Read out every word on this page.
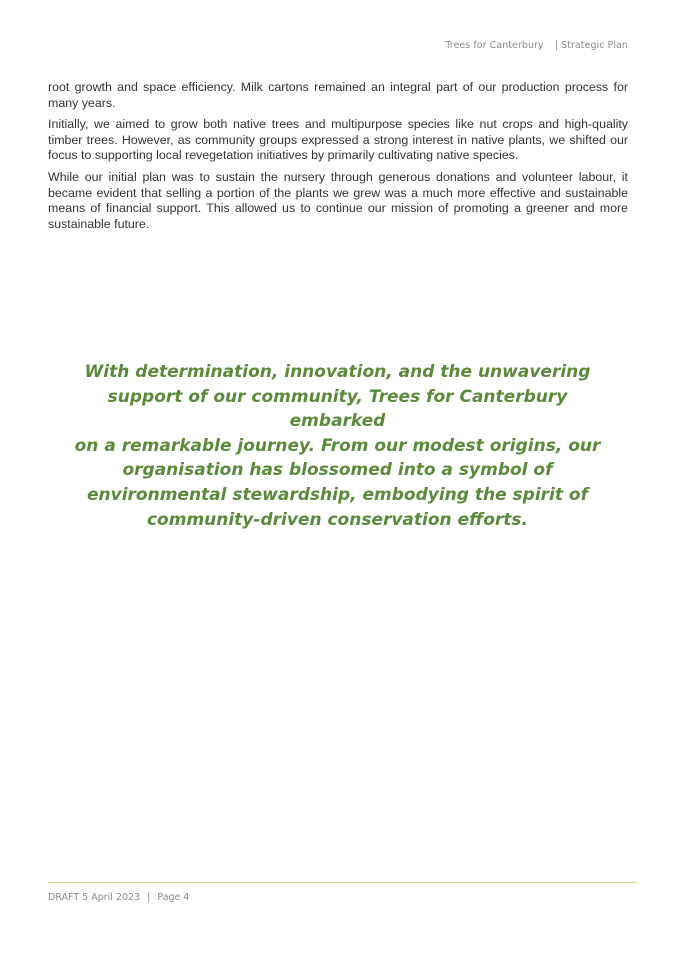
Trees for Canterbury | Strategic Plan

root growth and space efficiency. Milk cartons remained an integral part of our production process for many years.

Initially, we aimed to grow both native trees and multipurpose species like nut crops and high-quality timber trees. However, as community groups expressed a strong interest in native plants, we shifted our focus to supporting local revegetation initiatives by primarily cultivating native species.

While our initial plan was to sustain the nursery through generous donations and volunteer labour, it became evident that selling a portion of the plants we grew was a much more effective and sustainable means of financial support. This allowed us to continue our mission of promoting a greener and more sustainable future.

With determination, innovation, and the unwavering
support of our community, Trees for Canterbury embarked
on a remarkable journey. From our modest origins, our
organisation has blossomed into a symbol of
environmental stewardship, embodying the spirit of
community-driven conservation efforts.
DRAFT 5 April 2023 | Page 4
